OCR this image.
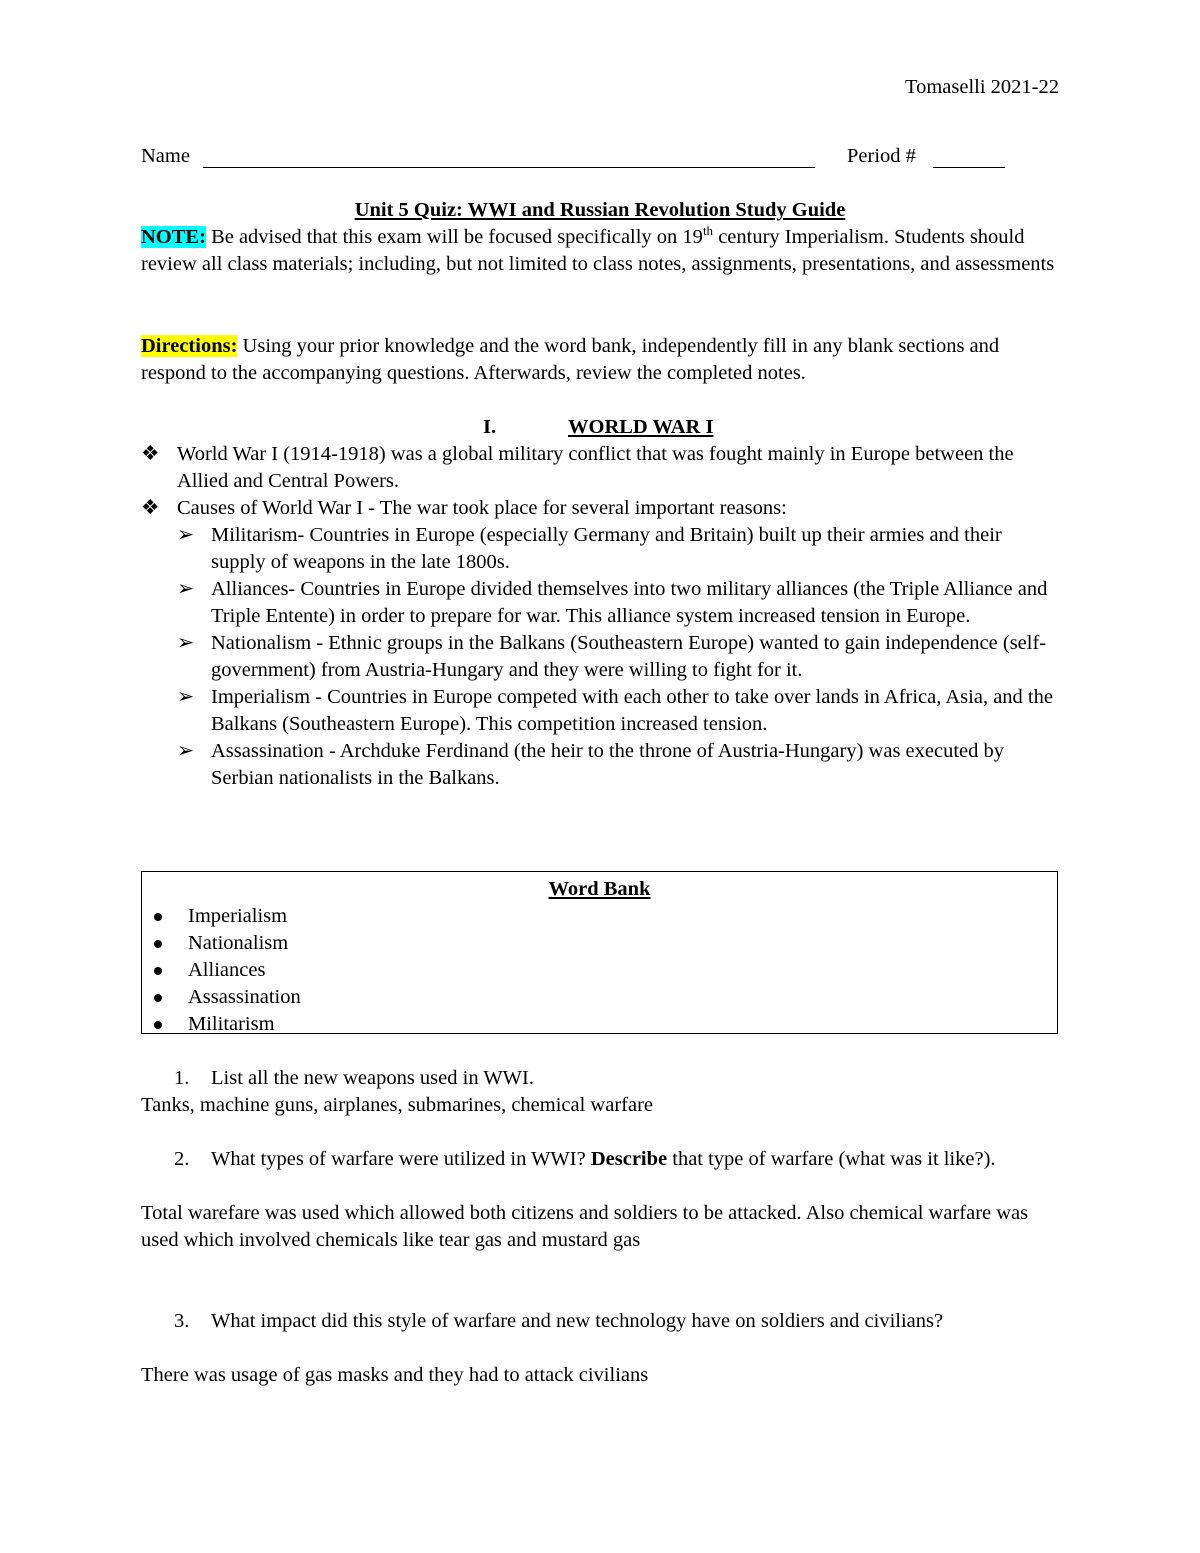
Tomaselli 2021-22
Name	Period #
Unit 5 Quiz: WWI and Russian Revolution Study Guide
NOTE: Be advised that this exam will be focused specifically on 19th century Imperialism. Students should review all class materials; including, but not limited to class notes, assignments, presentations, and assessments
Directions: Using your prior knowledge and the word bank, independently fill in any blank sections and respond to the accompanying questions. Afterwards, review the completed notes.
I.	WORLD WAR I
❖ World War I (1914-1918) was a global military conflict that was fought mainly in Europe between the Allied and Central Powers.
❖ Causes of World War I - The war took place for several important reasons:
➢ Militarism- Countries in Europe (especially Germany and Britain) built up their armies and their supply of weapons in the late 1800s.
➢ Alliances- Countries in Europe divided themselves into two military alliances (the Triple Alliance and Triple Entente) in order to prepare for war. This alliance system increased tension in Europe.
➢ Nationalism - Ethnic groups in the Balkans (Southeastern Europe) wanted to gain independence (self-government) from Austria-Hungary and they were willing to fight for it.
➢ Imperialism - Countries in Europe competed with each other to take over lands in Africa, Asia, and the Balkans (Southeastern Europe). This competition increased tension.
➢ Assassination - Archduke Ferdinand (the heir to the throne of Austria-Hungary) was executed by Serbian nationalists in the Balkans.
Word Bank
Imperialism
Nationalism
Alliances
Assassination
Militarism
1.	List all the new weapons used in WWI.
Tanks, machine guns, airplanes, submarines, chemical warfare
2.	What types of warfare were utilized in WWI? Describe that type of warfare (what was it like?).
Total warefare was used which allowed both citizens and soldiers to be attacked. Also chemical warfare was used which involved chemicals like tear gas and mustard gas
3.	What impact did this style of warfare and new technology have on soldiers and civilians?
There was usage of gas masks and they had to attack civilians
